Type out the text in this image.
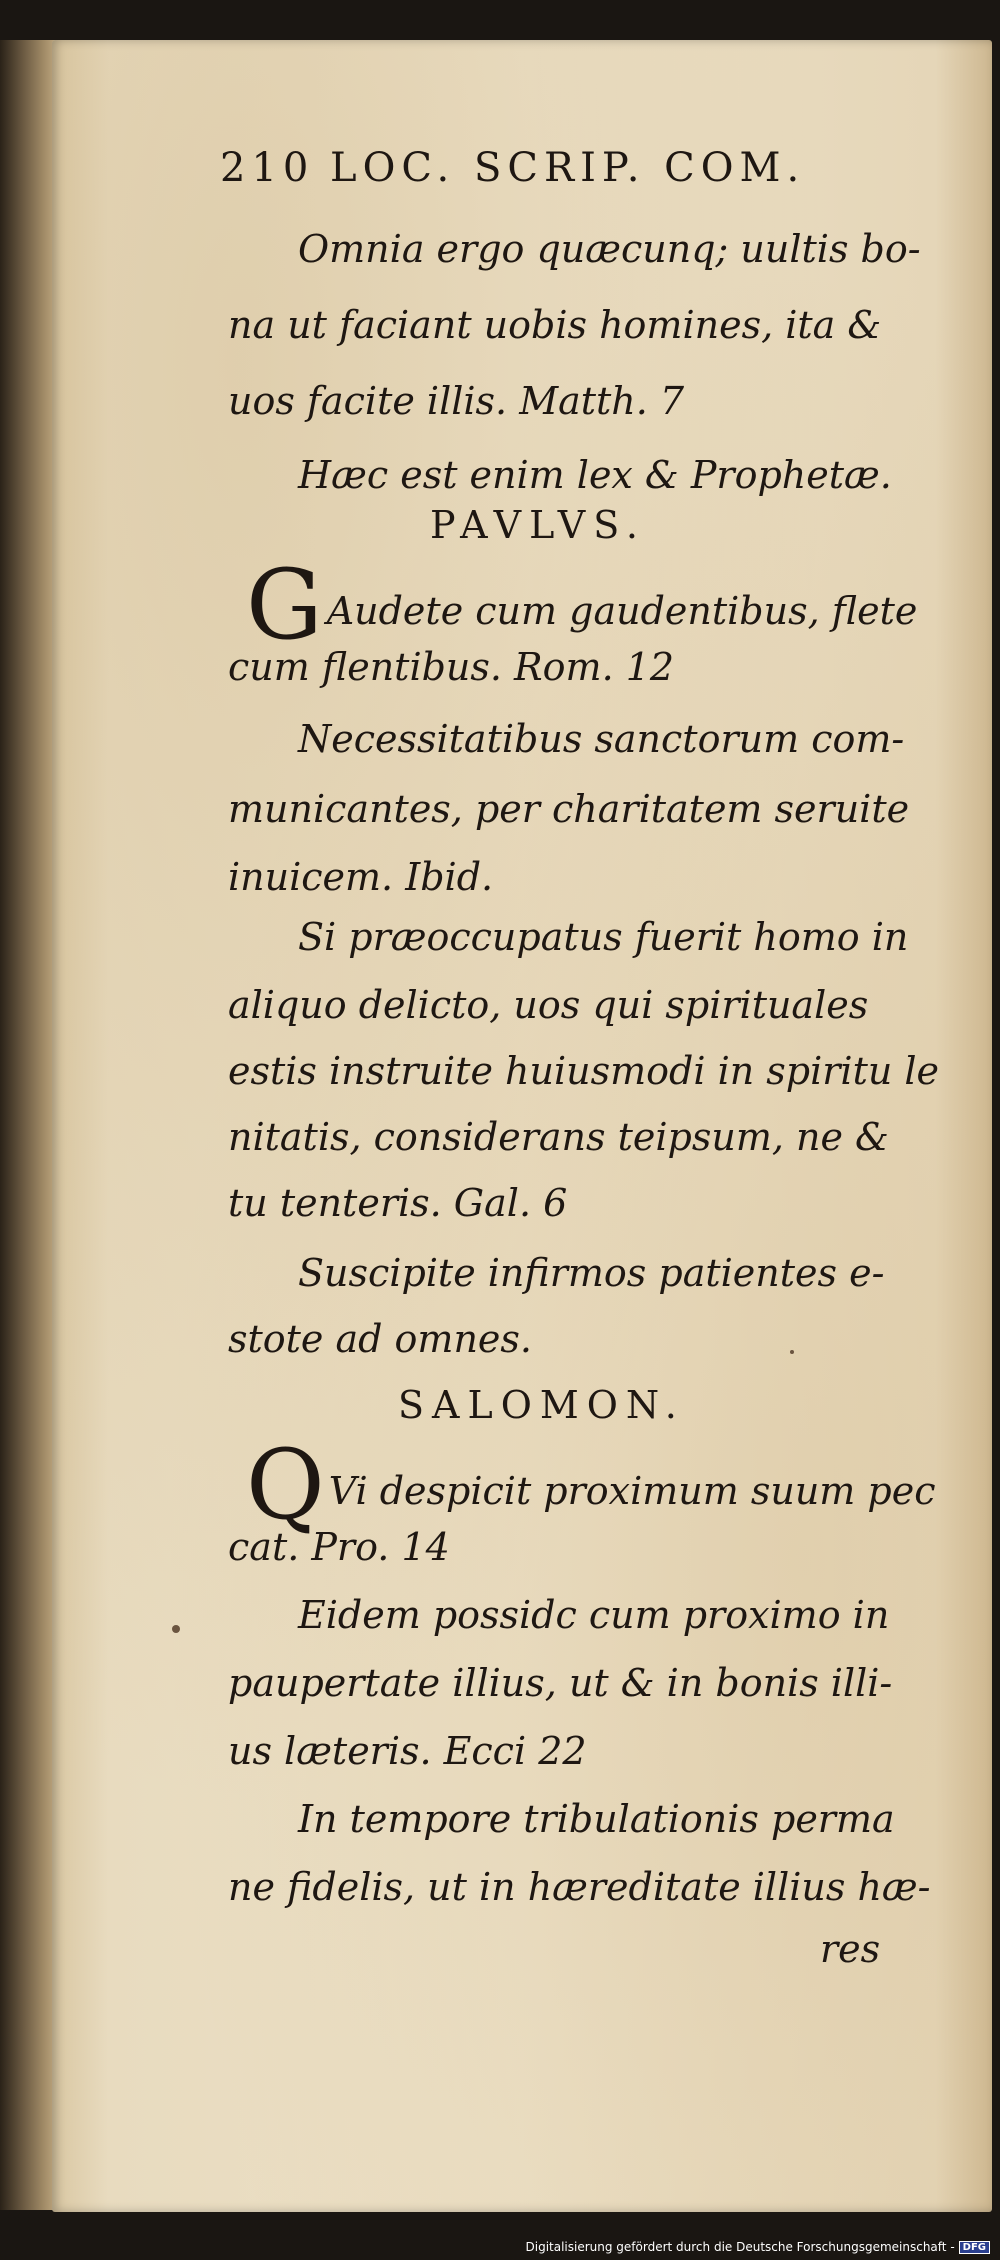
210 LOC. SCRIP. COM.

Omnia ergo quæcunq; uultis bo-

na ut faciant uobis homines, ita &

uos facite illis. Matth. 7

Hæc est enim lex & Prophetæ.

PAVLVS.

G Audete cum gaudentibus, flete

cum flentibus. Rom. 12

Necessitatibus sanctorum com-

municantes, per charitatem seruite

inuicem. Ibid.

Si præoccupatus fuerit homo in

aliquo delicto, uos qui spirituales

estis instruite huiusmodi in spiritu le

nitatis, considerans teipsum, ne &

tu tenteris. Gal. 6

Suscipite infirmos patientes e-

stote ad omnes.

SALOMON.

Q Vi despicit proximum suum pec

cat. Pro. 14

Eidem possidc cum proximo in

paupertate illius, ut & in bonis illi-

us læteris. Ecci 22

In tempore tribulationis perma

ne fidelis, ut in hæreditate illius hæ-

res

Digitalisierung gefördert durch die Deutsche Forschungsgemeinschaft - DFG
